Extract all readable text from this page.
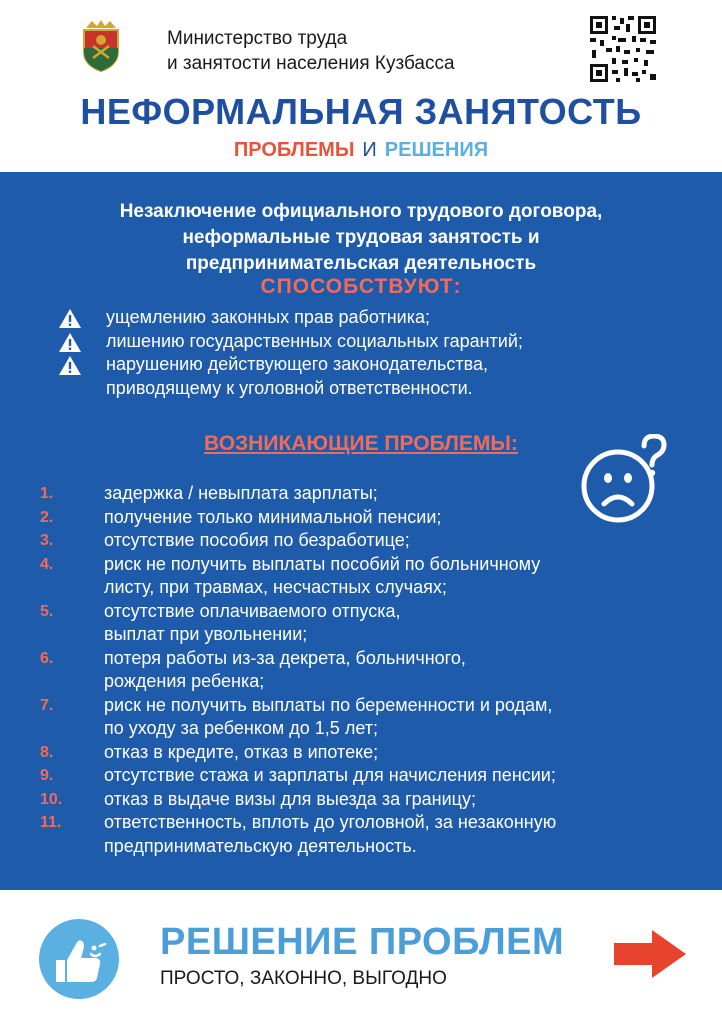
Министерство труда
и занятости населения Кузбасса
НЕФОРМАЛЬНАЯ ЗАНЯТОСТЬ
ПРОБЛЕМЫ И РЕШЕНИЯ
Незаключение официального трудового договора,
неформальные трудовая занятость и
предпринимательская деятельность
СПОСОБСТВУЮТ:
ущемлению законных прав работника;
лишению государственных социальных гарантий;
нарушению действующего законодательства,
приводящему к уголовной ответственности.
ВОЗНИКАЮЩИЕ ПРОБЛЕМЫ:
1.	задержка / невыплата зарплаты;
2.	получение только минимальной пенсии;
3.	отсутствие пособия по безработице;
4.	риск не получить выплаты пособий по больничному
листу, при травмах, несчастных случаях;
5.	отсутствие оплачиваемого отпуска,
выплат при увольнении;
6.	потеря работы из-за декрета, больничного,
рождения ребенка;
7.	риск не получить выплаты по беременности и родам,
по уходу за ребенком до 1,5 лет;
8.	отказ в кредите, отказ в ипотеке;
9.	отсутствие стажа и зарплаты для начисления пенсии;
10. отказ в выдаче визы для выезда за границу;
11. ответственность, вплоть до уголовной, за незаконную
предпринимательскую деятельность.
РЕШЕНИЕ ПРОБЛЕМ
ПРОСТО, ЗАКОННО, ВЫГОДНО
